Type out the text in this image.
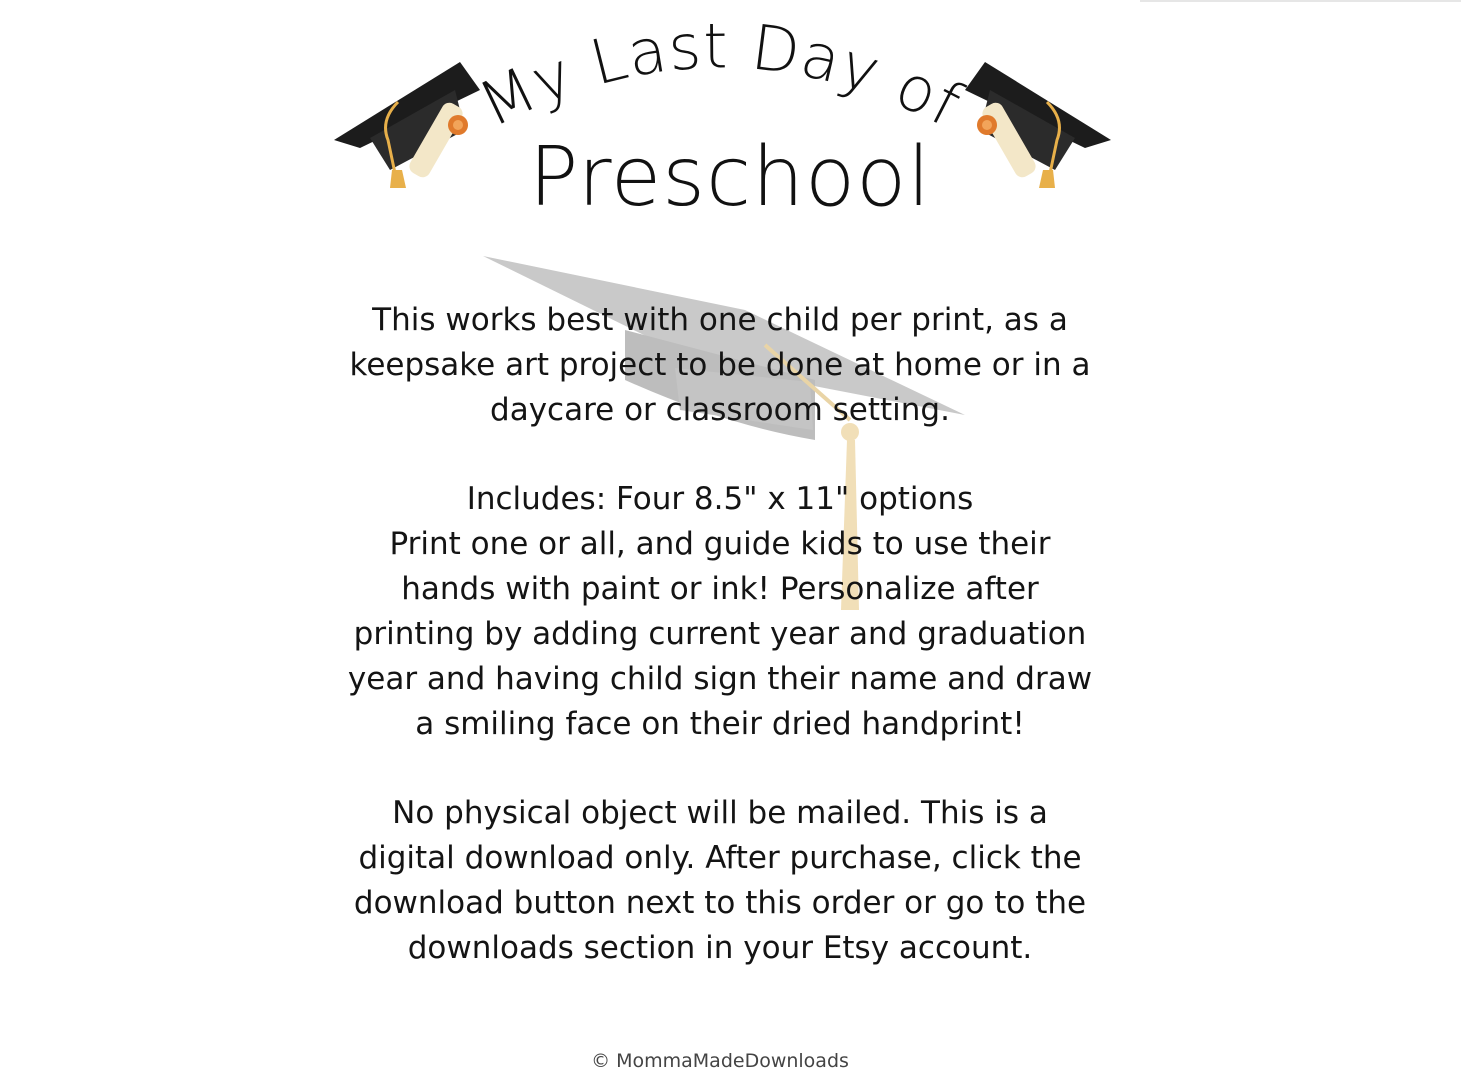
My Last Day of
Preschool

This works best with one child per print, as a keepsake art project to be done at home or in a daycare or classroom setting.

Includes: Four 8.5" x 11" options

Print one or all, and guide kids to use their hands with paint or ink! Personalize after printing by adding current year and graduation year and having child sign their name and draw a smiling face on their dried handprint!

No physical object will be mailed. This is a digital download only. After purchase, click the download button next to this order or go to the downloads section in your Etsy account.

© MommaMadeDownloads
